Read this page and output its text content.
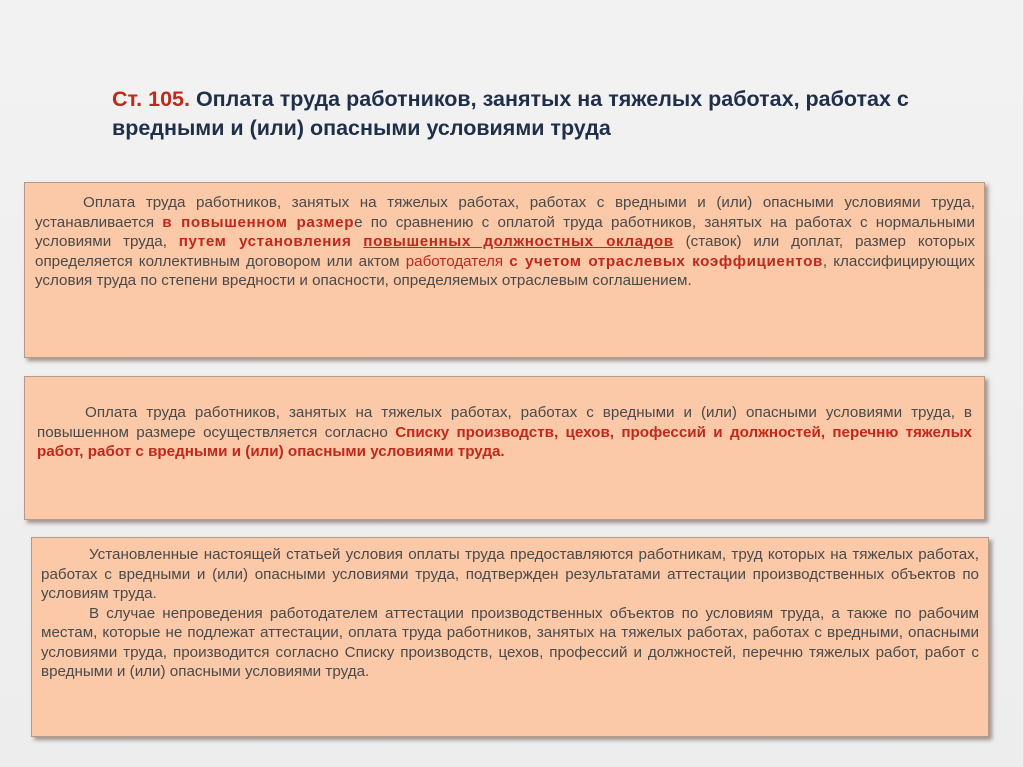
Ст. 105. Оплата труда работников, занятых на тяжелых работах, работах с вредными и (или) опасными условиями труда

Оплата труда работников, занятых на тяжелых работах, работах с вредными и (или) опасными условиями труда, устанавливается в повышенном размере по сравнению с оплатой труда работников, занятых на работах с нормальными условиями труда, путем установления повышенных должностных окладов (ставок) или доплат, размер которых определяется коллективным договором или актом работодателя с учетом отраслевых коэффициентов, классифицирующих условия труда по степени вредности и опасности, определяемых отраслевым соглашением.

Оплата труда работников, занятых на тяжелых работах, работах с вредными и (или) опасными условиями труда, в повышенном размере осуществляется согласно Списку производств, цехов, профессий и должностей, перечню тяжелых работ, работ с вредными и (или) опасными условиями труда.

Установленные настоящей статьей условия оплаты труда предоставляются работникам, труд которых на тяжелых работах, работах с вредными и (или) опасными условиями труда, подтвержден результатами аттестации производственных объектов по условиям труда.

В случае непроведения работодателем аттестации производственных объектов по условиям труда, а также по рабочим местам, которые не подлежат аттестации, оплата труда работников, занятых на тяжелых работах, работах с вредными, опасными условиями труда, производится согласно Списку производств, цехов, профессий и должностей, перечню тяжелых работ, работ с вредными и (или) опасными условиями труда.
